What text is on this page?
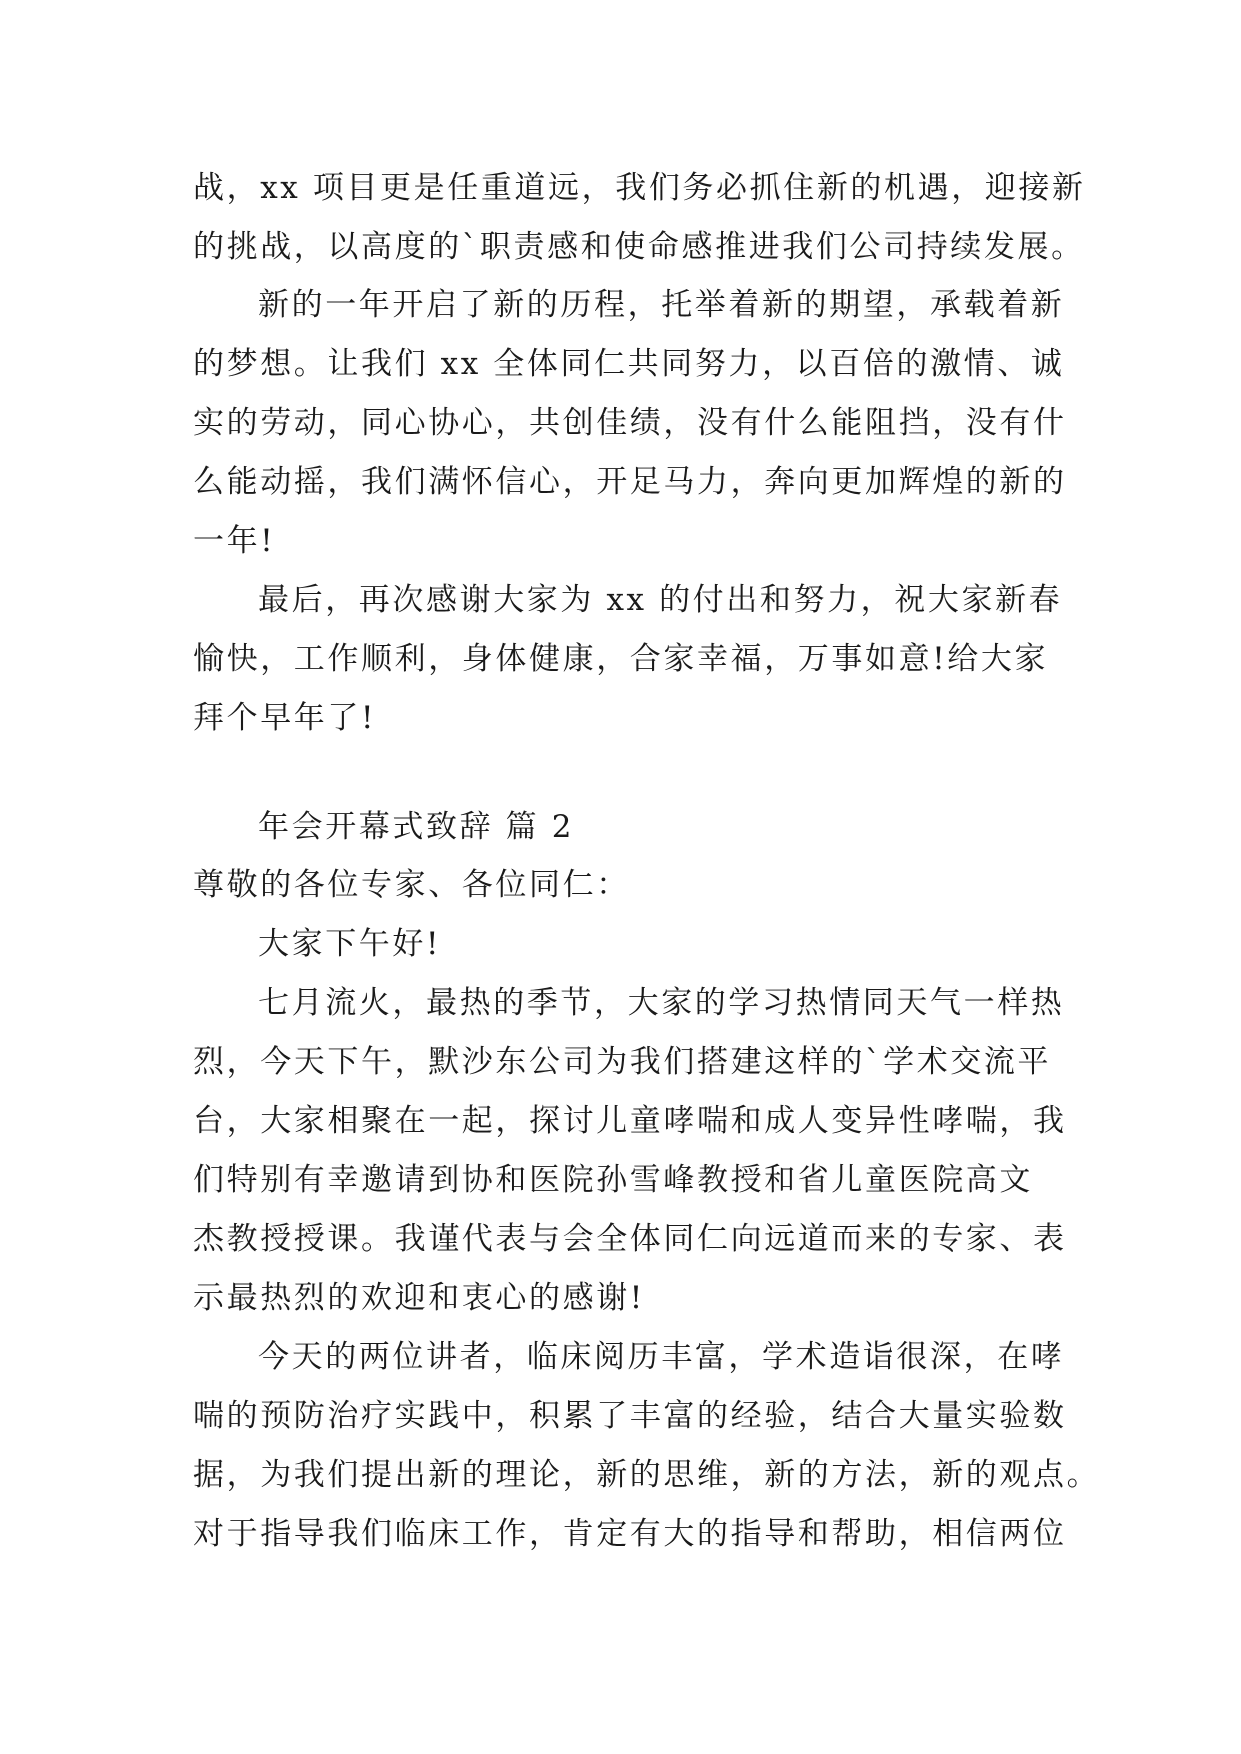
战，xx 项目更是任重道远，我们务必抓住新的机遇，迎接新
的挑战，以高度的`职责感和使命感推进我们公司持续发展。
新的一年开启了新的历程，托举着新的期望，承载着新
的梦想。让我们 xx 全体同仁共同努力，以百倍的激情、诚
实的劳动，同心协心，共创佳绩，没有什么能阻挡，没有什
么能动摇，我们满怀信心，开足马力，奔向更加辉煌的新的
一年!
最后，再次感谢大家为 xx 的付出和努力，祝大家新春
愉快，工作顺利，身体健康，合家幸福，万事如意!给大家
拜个早年了!
年会开幕式致辞 篇 2
尊敬的各位专家、各位同仁：
大家下午好!
七月流火，最热的季节，大家的学习热情同天气一样热
烈，今天下午，默沙东公司为我们搭建这样的`学术交流平
台，大家相聚在一起，探讨儿童哮喘和成人变异性哮喘，我
们特别有幸邀请到协和医院孙雪峰教授和省儿童医院高文
杰教授授课。我谨代表与会全体同仁向远道而来的专家、表
示最热烈的欢迎和衷心的感谢!
今天的两位讲者，临床阅历丰富，学术造诣很深，在哮
喘的预防治疗实践中，积累了丰富的经验，结合大量实验数
据，为我们提出新的理论，新的思维，新的方法，新的观点。
对于指导我们临床工作，肯定有大的指导和帮助，相信两位
